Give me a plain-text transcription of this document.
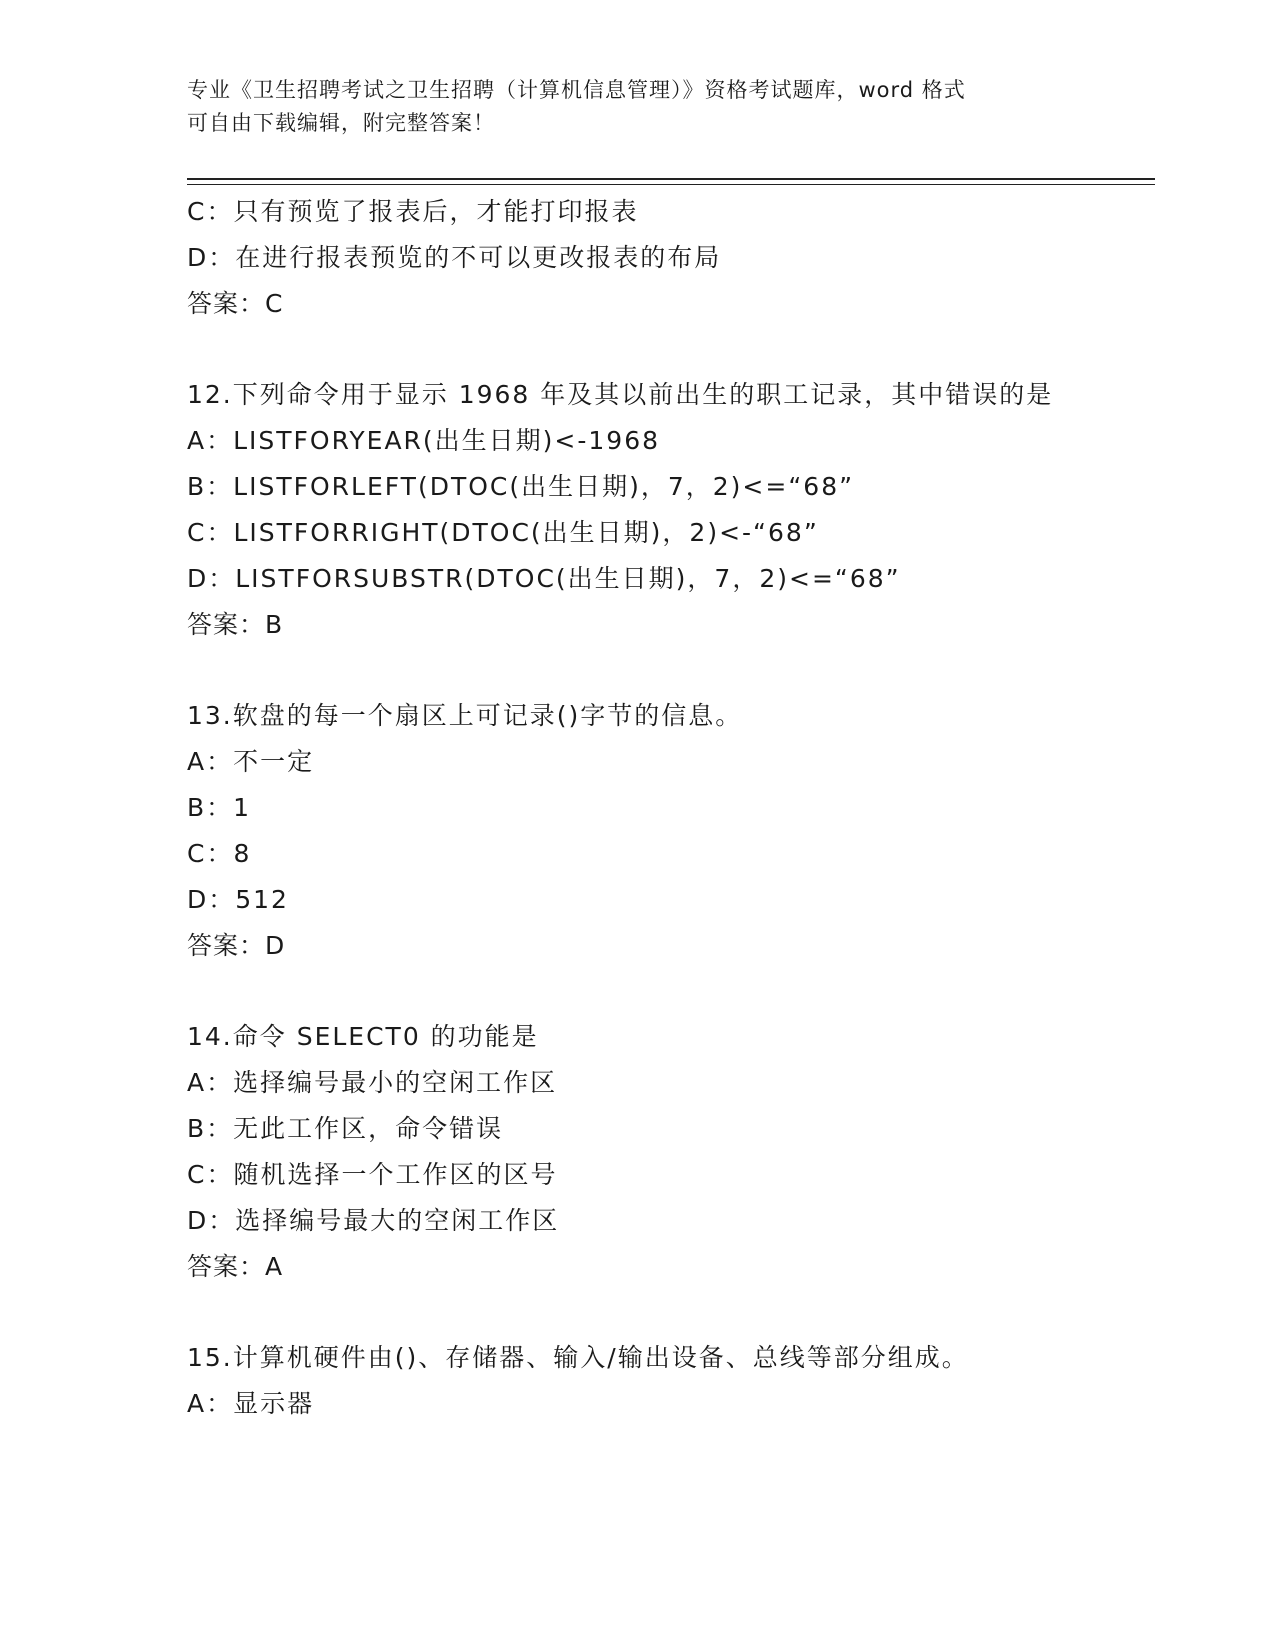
专业《卫生招聘考试之卫生招聘（计算机信息管理）》资格考试题库，word 格式
可自由下载编辑，附完整答案！
C：只有预览了报表后，才能打印报表
D：在进行报表预览的不可以更改报表的布局
答案：C
12.下列命令用于显示 1968 年及其以前出生的职工记录，其中错误的是
A：LISTFORYEAR(出生日期)<-1968
B：LISTFORLEFT(DTOC(出生日期)，7，2)<=“68”
C：LISTFORRIGHT(DTOC(出生日期)，2)<-“68”
D：LISTFORSUBSTR(DTOC(出生日期)，7，2)<=“68”
答案：B
13.软盘的每一个扇区上可记录()字节的信息。
A：不一定
B：1
C：8
D：512
答案：D
14.命令 SELECT0 的功能是
A：选择编号最小的空闲工作区
B：无此工作区，命令错误
C：随机选择一个工作区的区号
D：选择编号最大的空闲工作区
答案：A
15.计算机硬件由()、存储器、输入/输出设备、总线等部分组成。
A：显示器
